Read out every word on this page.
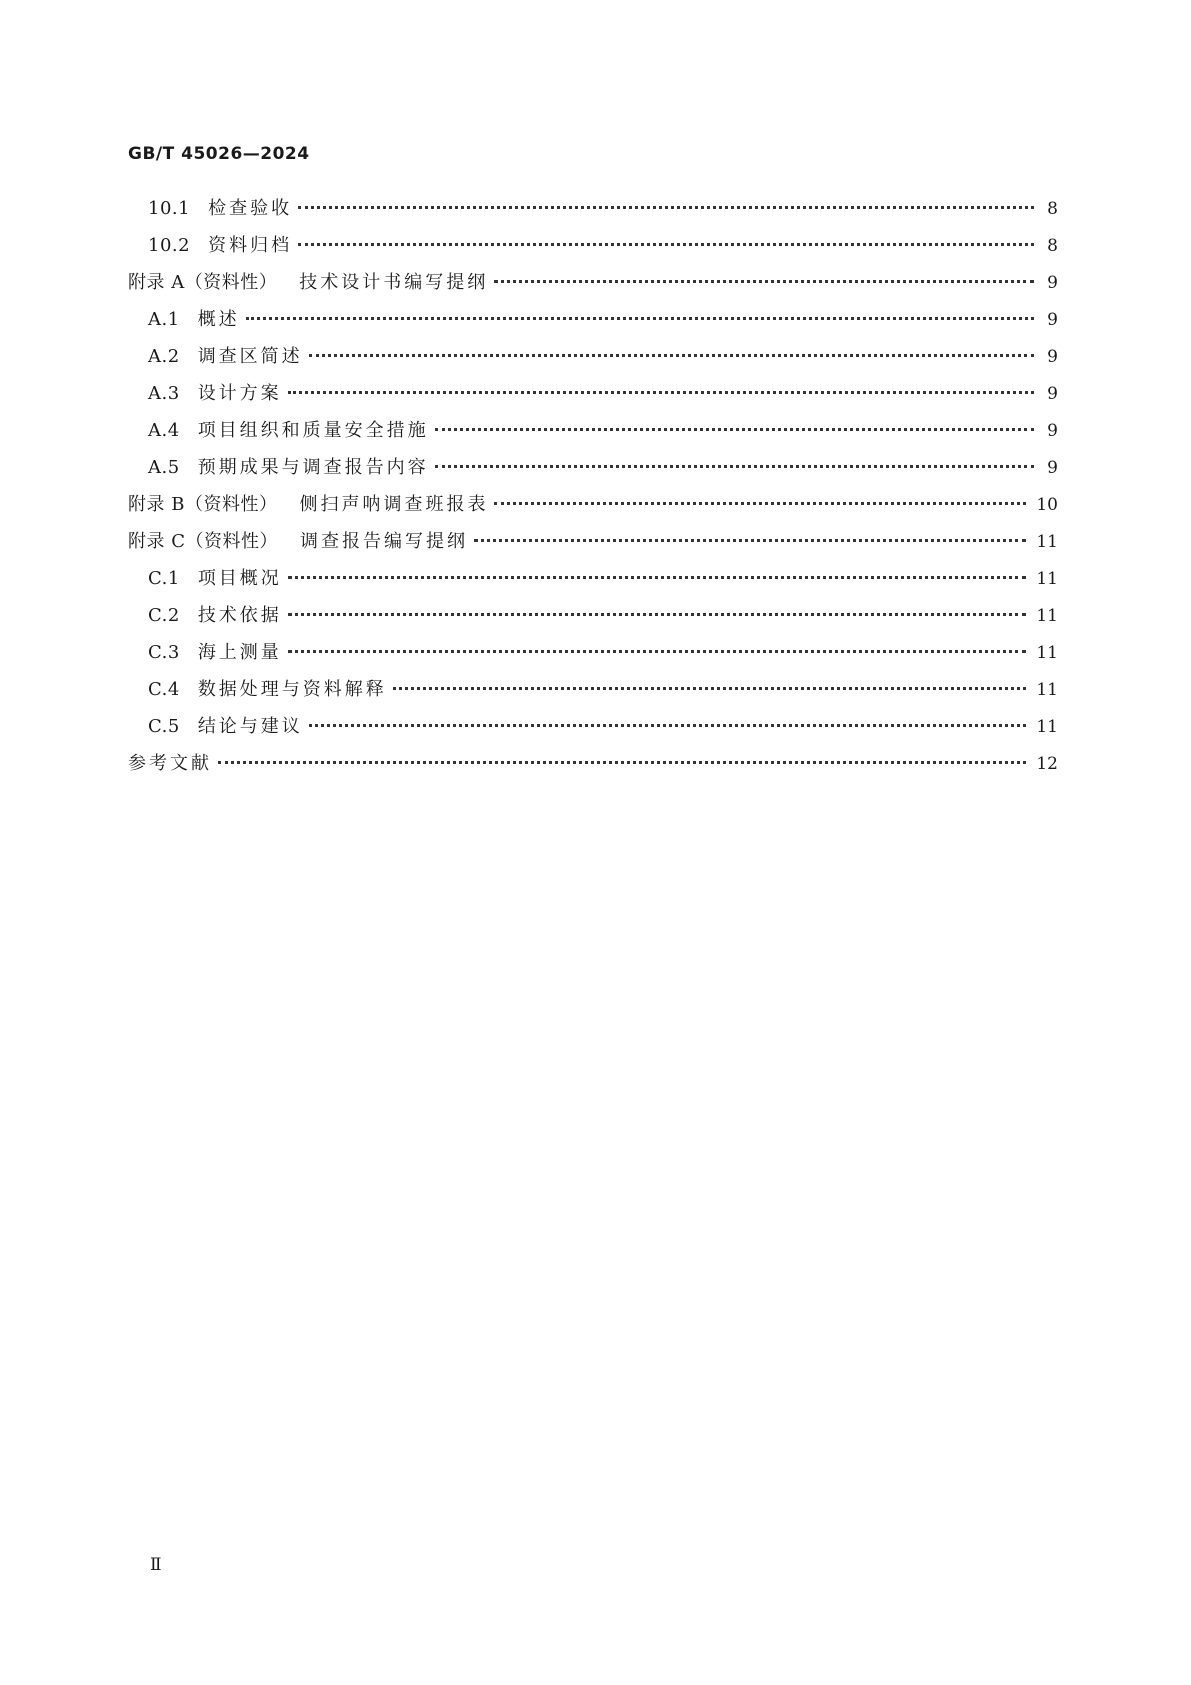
GB/T 45026—2024
10.1 检查验收	8
10.2 资料归档	8
附录 A（资料性） 技术设计书编写提纲	9
A.1 概述	9
A.2 调查区简述	9
A.3 设计方案	9
A.4 项目组织和质量安全措施	9
A.5 预期成果与调查报告内容	9
附录 B（资料性） 侧扫声呐调查班报表	10
附录 C（资料性） 调查报告编写提纲	11
C.1 项目概况	11
C.2 技术依据	11
C.3 海上测量	11
C.4 数据处理与资料解释	11
C.5 结论与建议	11
参考文献	12
Ⅱ
